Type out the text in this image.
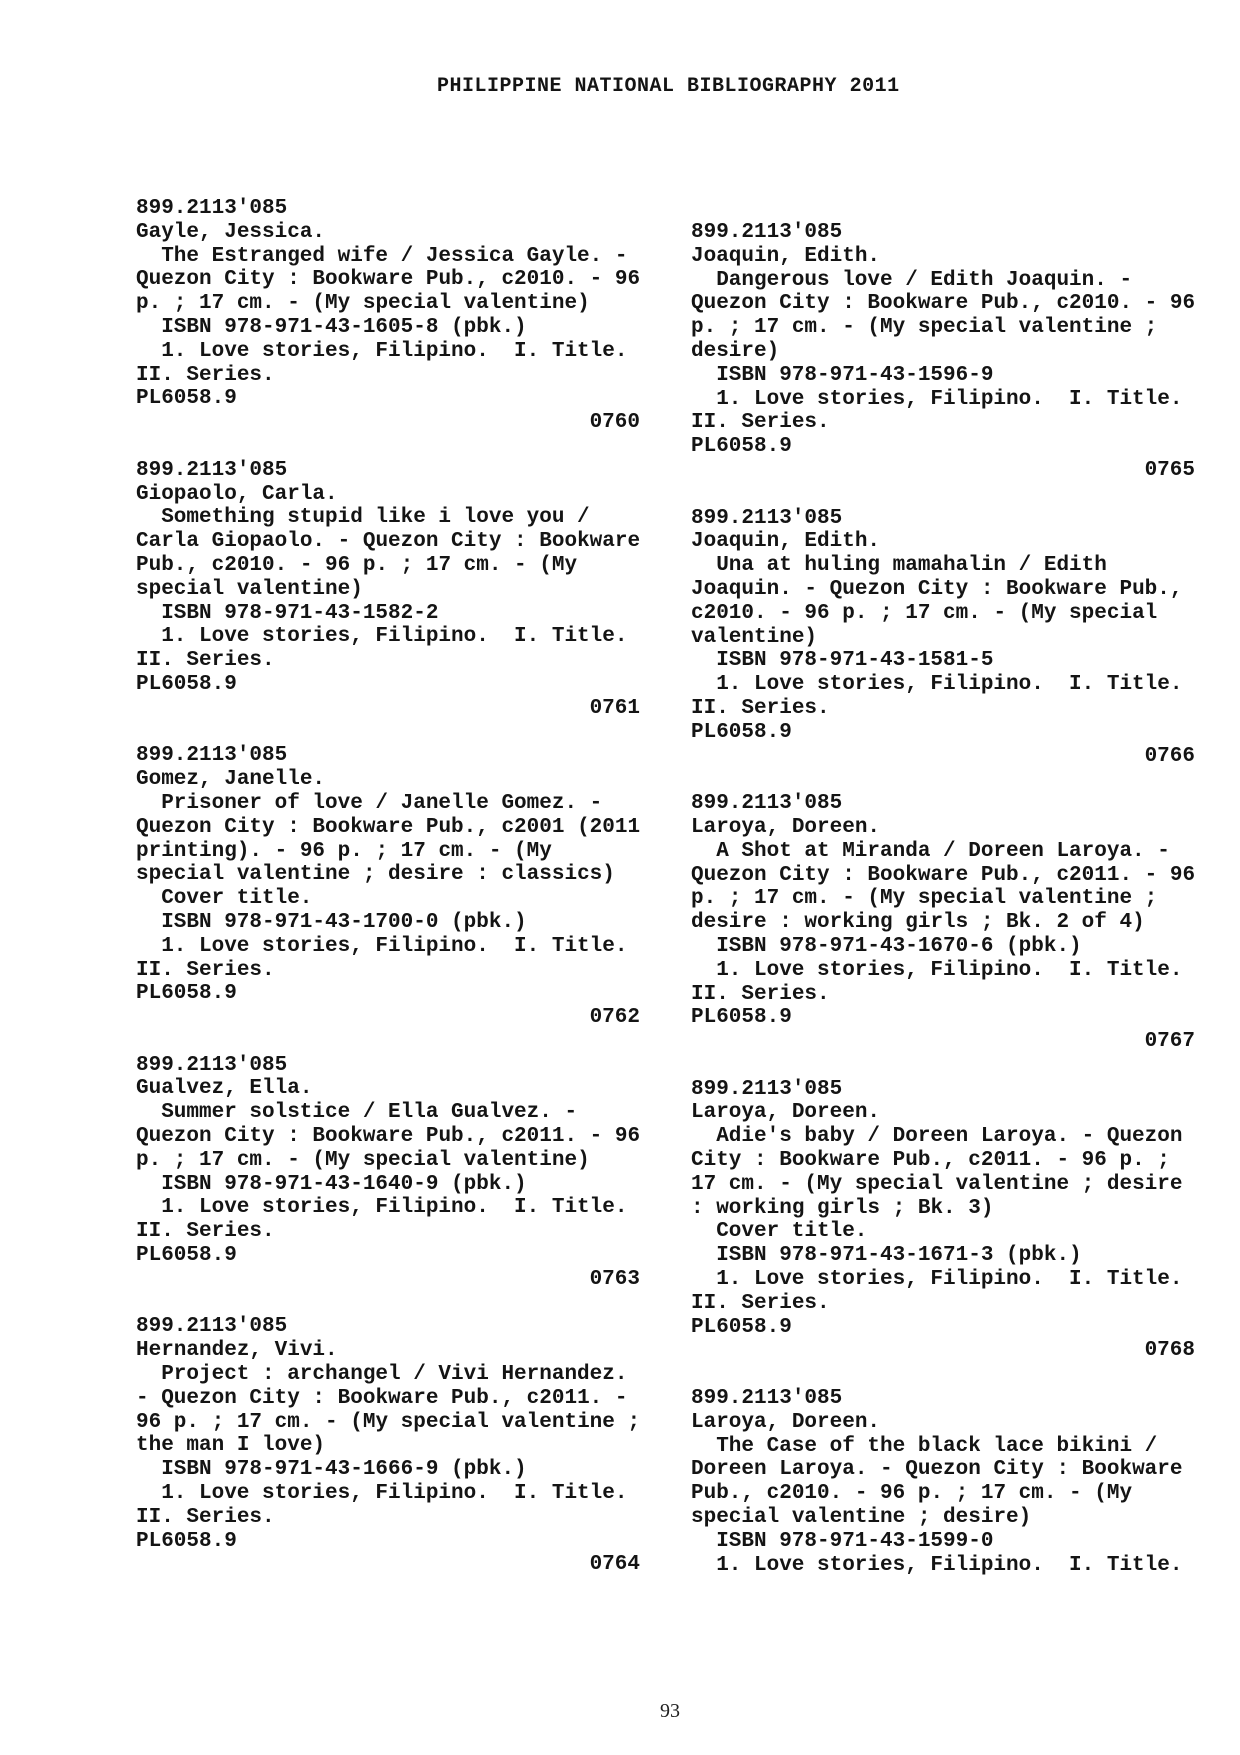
PHILIPPINE NATIONAL BIBLIOGRAPHY 2011
899.2113'085
Gayle, Jessica.
The Estranged wife / Jessica Gayle. -
Quezon City : Bookware Pub., c2010. - 96
p. ; 17 cm. - (My special valentine)
ISBN 978-971-43-1605-8 (pbk.)
1. Love stories, Filipino.  I. Title.
II. Series.
PL6058.9
0760
899.2113'085
Giopaolo, Carla.
Something stupid like i love you /
Carla Giopaolo. - Quezon City : Bookware
Pub., c2010. - 96 p. ; 17 cm. - (My
special valentine)
ISBN 978-971-43-1582-2
1. Love stories, Filipino.  I. Title.
II. Series.
PL6058.9
0761
899.2113'085
Gomez, Janelle.
Prisoner of love / Janelle Gomez. -
Quezon City : Bookware Pub., c2001 (2011
printing). - 96 p. ; 17 cm. - (My
special valentine ; desire : classics)
Cover title.
ISBN 978-971-43-1700-0 (pbk.)
1. Love stories, Filipino.  I. Title.
II. Series.
PL6058.9
0762
899.2113'085
Gualvez, Ella.
Summer solstice / Ella Gualvez. -
Quezon City : Bookware Pub., c2011. - 96
p. ; 17 cm. - (My special valentine)
ISBN 978-971-43-1640-9 (pbk.)
1. Love stories, Filipino.  I. Title.
II. Series.
PL6058.9
0763
899.2113'085
Hernandez, Vivi.
Project : archangel / Vivi Hernandez.
- Quezon City : Bookware Pub., c2011. -
96 p. ; 17 cm. - (My special valentine ;
the man I love)
ISBN 978-971-43-1666-9 (pbk.)
1. Love stories, Filipino.  I. Title.
II. Series.
PL6058.9
0764
899.2113'085
Joaquin, Edith.
Dangerous love / Edith Joaquin. -
Quezon City : Bookware Pub., c2010. - 96
p. ; 17 cm. - (My special valentine ;
desire)
ISBN 978-971-43-1596-9
1. Love stories, Filipino.  I. Title.
II. Series.
PL6058.9
0765
899.2113'085
Joaquin, Edith.
Una at huling mamahalin / Edith
Joaquin. - Quezon City : Bookware Pub.,
c2010. - 96 p. ; 17 cm. - (My special
valentine)
ISBN 978-971-43-1581-5
1. Love stories, Filipino.  I. Title.
II. Series.
PL6058.9
0766
899.2113'085
Laroya, Doreen.
A Shot at Miranda / Doreen Laroya. -
Quezon City : Bookware Pub., c2011. - 96
p. ; 17 cm. - (My special valentine ;
desire : working girls ; Bk. 2 of 4)
ISBN 978-971-43-1670-6 (pbk.)
1. Love stories, Filipino.  I. Title.
II. Series.
PL6058.9
0767
899.2113'085
Laroya, Doreen.
Adie's baby / Doreen Laroya. - Quezon
City : Bookware Pub., c2011. - 96 p. ;
17 cm. - (My special valentine ; desire
: working girls ; Bk. 3)
Cover title.
ISBN 978-971-43-1671-3 (pbk.)
1. Love stories, Filipino.  I. Title.
II. Series.
PL6058.9
0768
899.2113'085
Laroya, Doreen.
The Case of the black lace bikini /
Doreen Laroya. - Quezon City : Bookware
Pub., c2010. - 96 p. ; 17 cm. - (My
special valentine ; desire)
ISBN 978-971-43-1599-0
1. Love stories, Filipino.  I. Title.
93
